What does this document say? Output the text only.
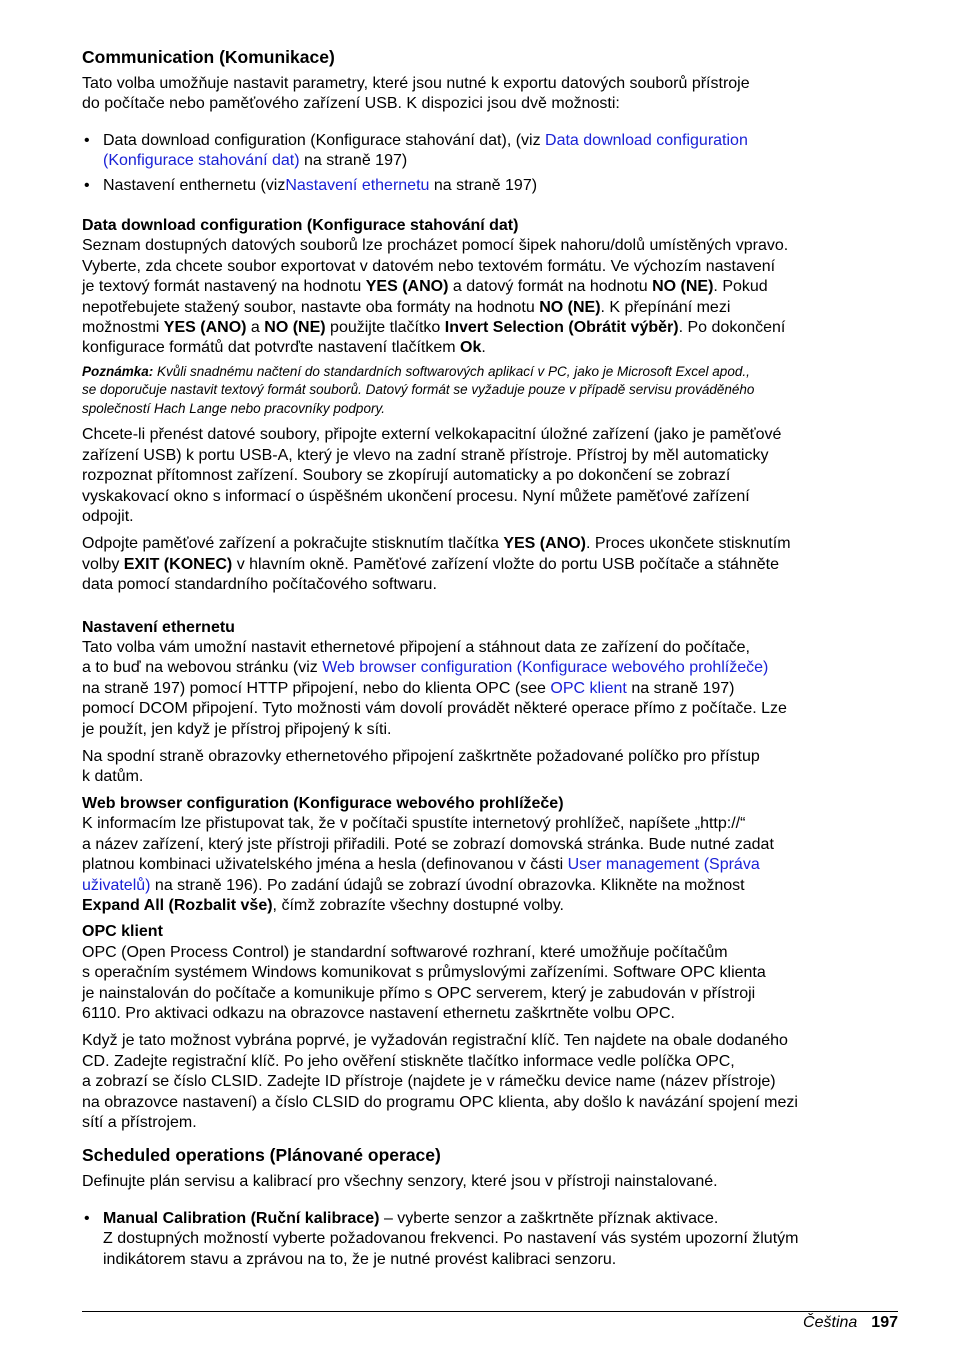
Communication (Komunikace)

Tato volba umožňuje nastavit parametry, které jsou nutné k exportu datových souborů přístroje
do počítače nebo paměťového zařízení USB. K dispozici jsou dvě možnosti:

• Data download configuration (Konfigurace stahování dat), (viz Data download configuration
(Konfigurace stahování dat) na straně 197)
• Nastavení enthernetu (vizNastavení ethernetu na straně 197)
Data download configuration (Konfigurace stahování dat)

Seznam dostupných datových souborů lze procházet pomocí šipek nahoru/dolů umístěných vpravo.
Vyberte, zda chcete soubor exportovat v datovém nebo textovém formátu. Ve výchozím nastavení
je textový formát nastavený na hodnotu YES (ANO) a datový formát na hodnotu NO (NE). Pokud
nepotřebujete stažený soubor, nastavte oba formáty na hodnotu NO (NE). K přepínání mezi
možnostmi YES (ANO) a NO (NE) použijte tlačítko Invert Selection (Obrátit výběr). Po dokončení
konfigurace formátů dat potvrďte nastavení tlačítkem Ok.

Poznámka: Kvůli snadnému načtení do standardních softwarových aplikací v PC, jako je Microsoft Excel apod.,
se doporučuje nastavit textový formát souborů. Datový formát se vyžaduje pouze v případě servisu prováděného
společností Hach Lange nebo pracovníky podpory.

Chcete-li přenést datové soubory, připojte externí velkokapacitní úložné zařízení (jako je paměťové
zařízení USB) k portu USB-A, který je vlevo na zadní straně přístroje. Přístroj by měl automaticky
rozpoznat přítomnost zařízení. Soubory se zkopírují automaticky a po dokončení se zobrazí
vyskakovací okno s informací o úspěšném ukončení procesu. Nyní můžete paměťové zařízení
odpojit.

Odpojte paměťové zařízení a pokračujte stisknutím tlačítka YES (ANO). Proces ukončete stisknutím
volby EXIT (KONEC) v hlavním okně. Paměťové zařízení vložte do portu USB počítače a stáhněte
data pomocí standardního počítačového softwaru.

Nastavení ethernetu

Tato volba vám umožní nastavit ethernetové připojení a stáhnout data ze zařízení do počítače,
a to buď na webovou stránku (viz Web browser configuration (Konfigurace webového prohlížeče)
na straně 197) pomocí HTTP připojení, nebo do klienta OPC (see OPC klient na straně 197)
pomocí DCOM připojení. Tyto možnosti vám dovolí provádět některé operace přímo z počítače. Lze
je použít, jen když je přístroj připojený k síti.

Na spodní straně obrazovky ethernetového připojení zaškrtněte požadované políčko pro přístup
k datům.

Web browser configuration (Konfigurace webového prohlížeče)

K informacím lze přistupovat tak, že v počítači spustíte internetový prohlížeč, napíšete „http://“
a název zařízení, který jste přístroji přiřadili. Poté se zobrazí domovská stránka. Bude nutné zadat
platnou kombinaci uživatelského jména a hesla (definovanou v části User management (Správa
uživatelů) na straně 196). Po zadání údajů se zobrazí úvodní obrazovka. Klikněte na možnost
Expand All (Rozbalit vše), čímž zobrazíte všechny dostupné volby.

OPC klient

OPC (Open Process Control) je standardní softwarové rozhraní, které umožňuje počítačům
s operačním systémem Windows komunikovat s průmyslovými zařízeními. Software OPC klienta
je nainstalován do počítače a komunikuje přímo s OPC serverem, který je zabudován v přístroji
6110. Pro aktivaci odkazu na obrazovce nastavení ethernetu zaškrtněte volbu OPC.

Když je tato možnost vybrána poprvé, je vyžadován registrační klíč. Ten najdete na obale dodaného
CD. Zadejte registrační klíč. Po jeho ověření stiskněte tlačítko informace vedle políčka OPC,
a zobrazí se číslo CLSID. Zadejte ID přístroje (najdete je v rámečku device name (název přístroje)
na obrazovce nastavení) a číslo CLSID do programu OPC klienta, aby došlo k navázání spojení mezi
sítí a přístrojem.

Scheduled operations (Plánované operace)

Definujte plán servisu a kalibrací pro všechny senzory, které jsou v přístroji nainstalované.

• Manual Calibration (Ruční kalibrace) – vyberte senzor a zaškrtněte příznak aktivace.
Z dostupných možností vyberte požadovanou frekvenci. Po nastavení vás systém upozorní žlutým
indikátorem stavu a zprávou na to, že je nutné provést kalibraci senzoru.
Čeština 197
